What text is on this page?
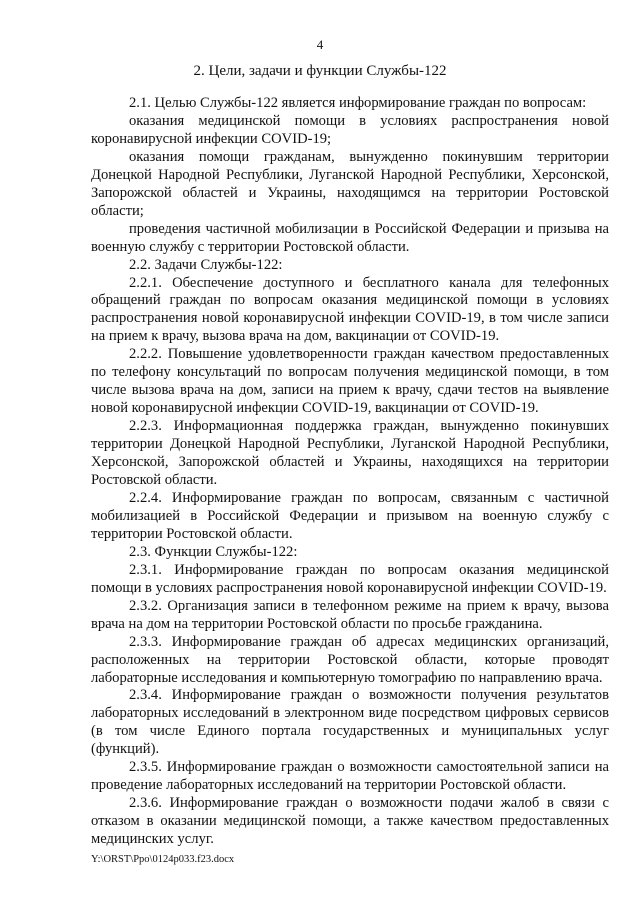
4
2. Цели, задачи и функции Службы-122

2.1. Целью Службы-122 является информирование граждан по вопросам:

оказания медицинской помощи в условиях распространения новой коронавирусной инфекции COVID-19;

оказания помощи гражданам, вынужденно покинувшим территории Донецкой Народной Республики, Луганской Народной Республики, Херсонской, Запорожской областей и Украины, находящимся на территории Ростовской области;

проведения частичной мобилизации в Российской Федерации и призыва на военную службу с территории Ростовской области.

2.2. Задачи Службы-122:

2.2.1. Обеспечение доступного и бесплатного канала для телефонных обращений граждан по вопросам оказания медицинской помощи в условиях распространения новой коронавирусной инфекции COVID-19, в том числе записи на прием к врачу, вызова врача на дом, вакцинации от COVID-19.

2.2.2. Повышение удовлетворенности граждан качеством предоставленных по телефону консультаций по вопросам получения медицинской помощи, в том числе вызова врача на дом, записи на прием к врачу, сдачи тестов на выявление новой коронавирусной инфекции COVID-19, вакцинации от COVID-19.

2.2.3. Информационная поддержка граждан, вынужденно покинувших территории Донецкой Народной Республики, Луганской Народной Республики, Херсонской, Запорожской областей и Украины, находящихся на территории Ростовской области.

2.2.4. Информирование граждан по вопросам, связанным с частичной мобилизацией в Российской Федерации и призывом на военную службу с территории Ростовской области.

2.3. Функции Службы-122:

2.3.1. Информирование граждан по вопросам оказания медицинской помощи в условиях распространения новой коронавирусной инфекции COVID-19.

2.3.2. Организация записи в телефонном режиме на прием к врачу, вызова врача на дом на территории Ростовской области по просьбе гражданина.

2.3.3. Информирование граждан об адресах медицинских организаций, расположенных на территории Ростовской области, которые проводят лабораторные исследования и компьютерную томографию по направлению врача.

2.3.4. Информирование граждан о возможности получения результатов лабораторных исследований в электронном виде посредством цифровых сервисов (в том числе Единого портала государственных и муниципальных услуг (функций).

2.3.5. Информирование граждан о возможности самостоятельной записи на проведение лабораторных исследований на территории Ростовской области.

2.3.6. Информирование граждан о возможности подачи жалоб в связи с отказом в оказании медицинской помощи, а также качеством предоставленных медицинских услуг.

Y:\ORST\Ppo\0124p033.f23.docx
